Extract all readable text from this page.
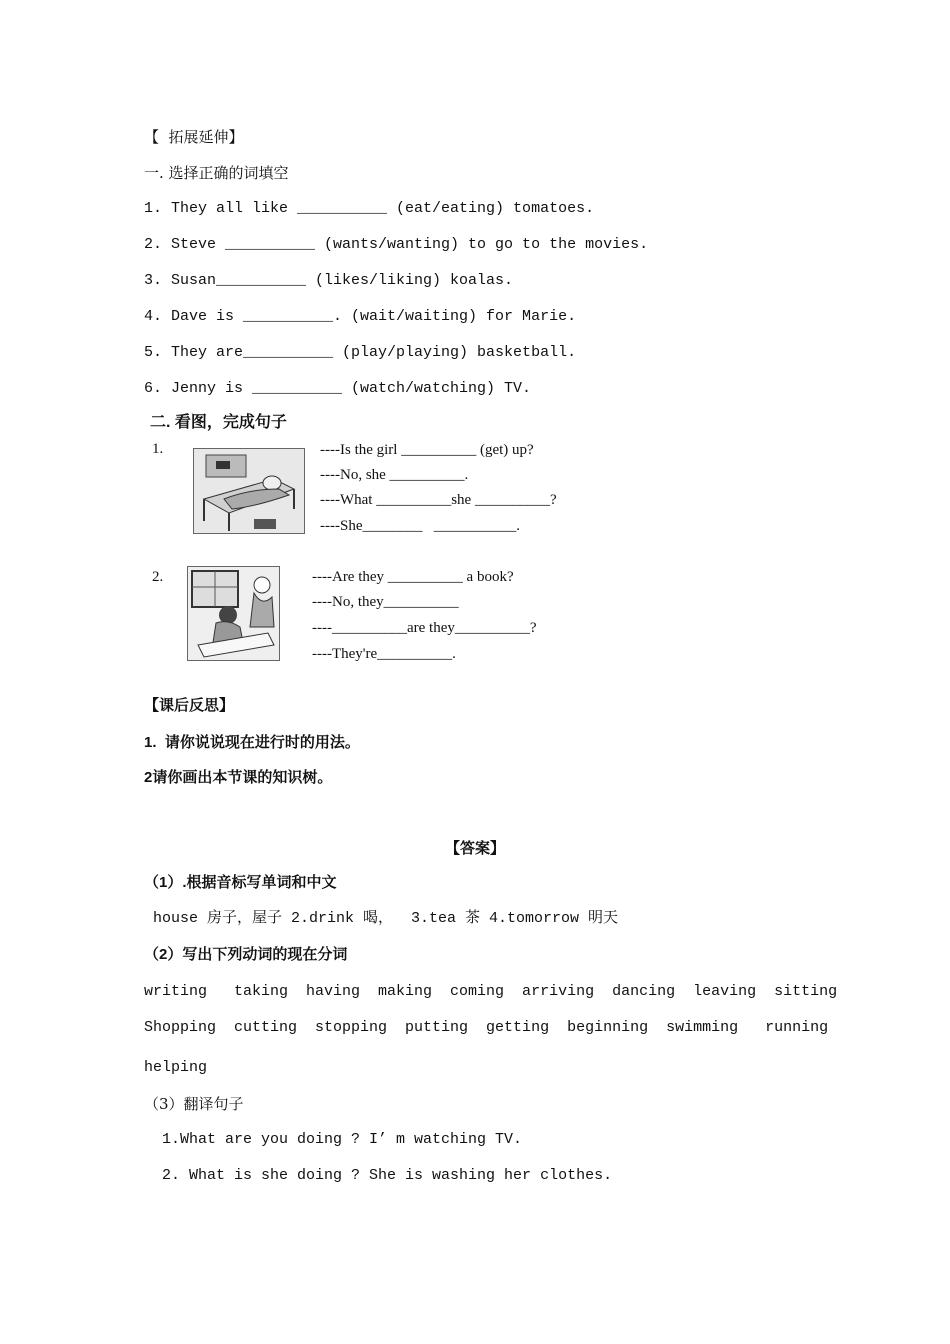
【  拓展延伸】
一. 选择正确的词填空
1. They all like __________ (eat/eating) tomatoes.
2. Steve __________ (wants/wanting) to go to the movies.
3. Susan__________ (likes/liking) koalas.
4. Dave is __________. (wait/waiting) for Marie.
5. They are__________ (play/playing) basketball.
6. Jenny is __________ (watch/watching) TV.
二. 看图，完成句子
1.	----Is the girl __________ (get) up?
----No, she __________.
----What __________she __________?
----She________   ___________.
2.	----Are they __________ a book?
----No, they__________
----__________are they__________?
----They're__________.
【课后反思】
1.  请你说说现在进行时的用法。
2请你画出本节课的知识树。
【答案】
（1）.根据音标写单词和中文
house 房子，屋子 2.drink 喝，  3.tea 茶 4.tomorrow 明天
（2）写出下列动词的现在分词
writing   taking  having  making  coming  arriving  dancing  leaving  sitting
Shopping  cutting  stopping  putting  getting  beginning  swimming   running
helping
（3）翻译句子
1.What are you doing ? I’ m watching TV.
2. What is she doing ? She is washing her clothes.
